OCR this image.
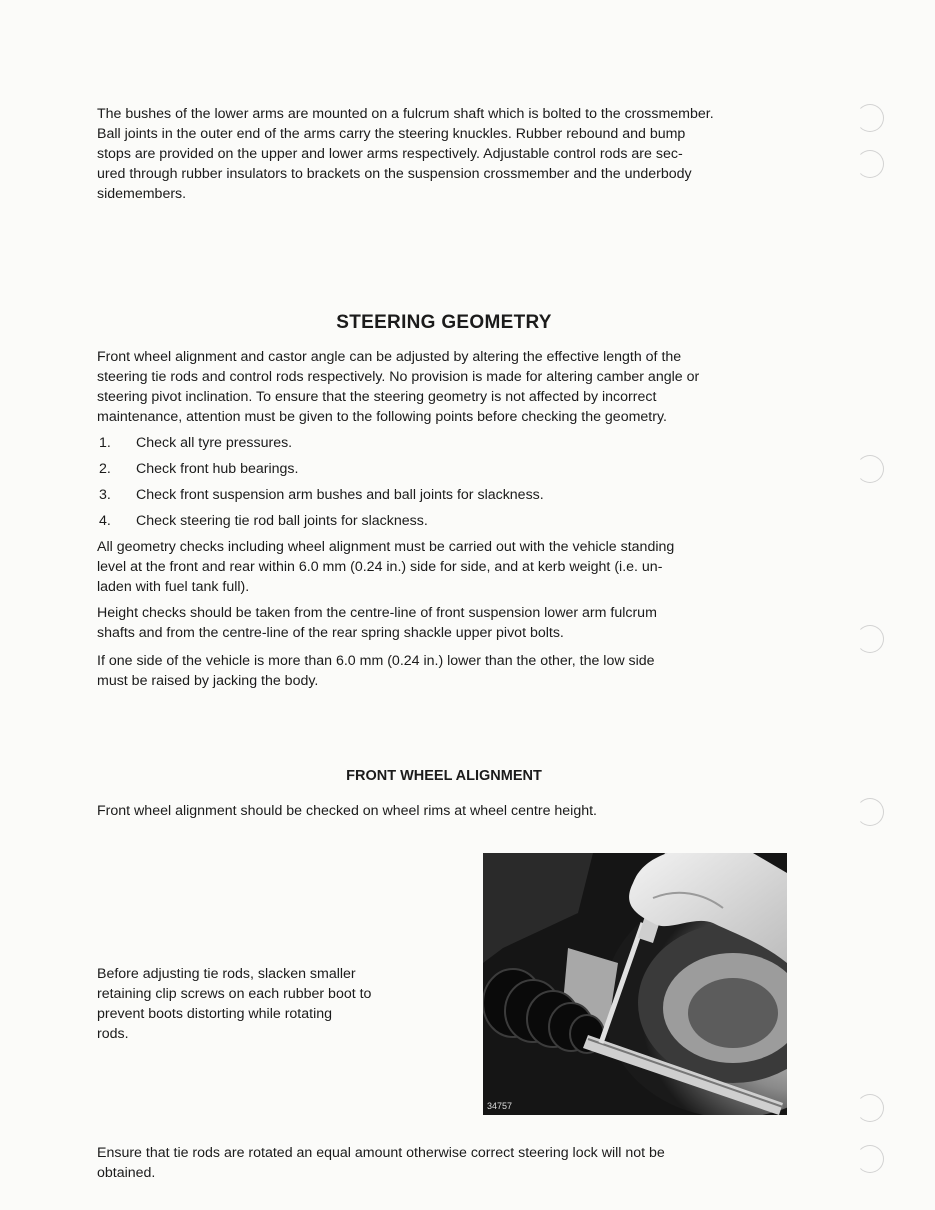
The bushes of the lower arms are mounted on a fulcrum shaft which is bolted to the crossmember.
Ball joints in the outer end of the arms carry the steering knuckles. Rubber rebound and bump
stops are provided on the upper and lower arms respectively. Adjustable control rods are sec-
ured through rubber insulators to brackets on the suspension crossmember and the underbody
sidemembers.
STEERING GEOMETRY
Front wheel alignment and castor angle can be adjusted by altering the effective length of the
steering tie rods and control rods respectively. No provision is made for altering camber angle or
steering pivot inclination. To ensure that the steering geometry is not affected by incorrect
maintenance, attention must be given to the following points before checking the geometry.
1. Check all tyre pressures.
2. Check front hub bearings.
3. Check front suspension arm bushes and ball joints for slackness.
4. Check steering tie rod ball joints for slackness.
All geometry checks including wheel alignment must be carried out with the vehicle standing
level at the front and rear within 6.0 mm (0.24 in.) side for side, and at kerb weight (i.e. un-
laden with fuel tank full).
Height checks should be taken from the centre-line of front suspension lower arm fulcrum
shafts and from the centre-line of the rear spring shackle upper pivot bolts.
If one side of the vehicle is more than 6.0 mm (0.24 in.) lower than the other, the low side
must be raised by jacking the body.
FRONT WHEEL ALIGNMENT
Front wheel alignment should be checked on wheel rims at wheel centre height.
Before adjusting tie rods, slacken smaller
retaining clip screws on each rubber boot to
prevent boots distorting while rotating
rods.
34757
Ensure that tie rods are rotated an equal amount otherwise correct steering lock will not be
obtained.
